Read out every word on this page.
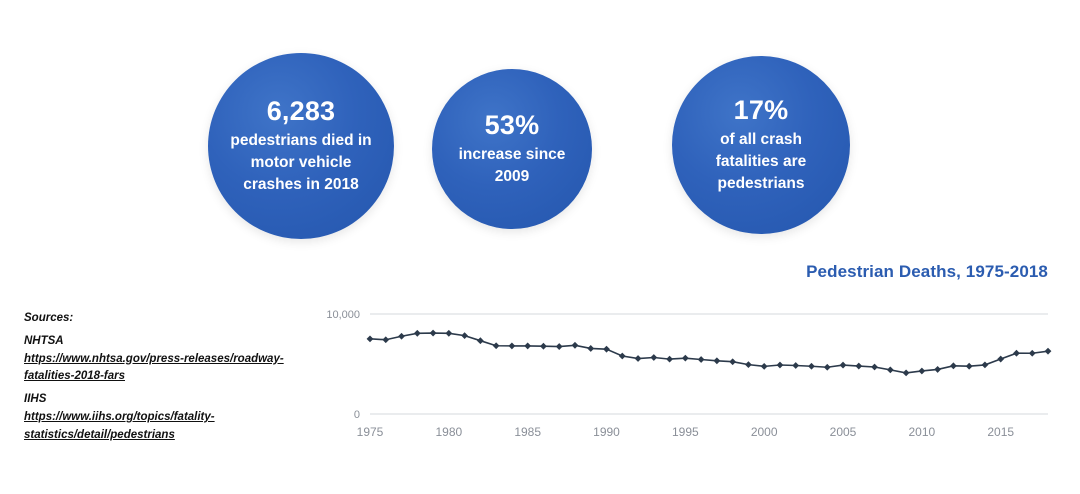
6,283
pedestrians died in motor vehicle crashes in 2018
53%
increase since 2009
17%
of all crash fatalities are pedestrians
Sources:
NHTSA
https://www.nhtsa.gov/press-releases/roadway-fatalities-2018-fars
IIHS
https://www.iihs.org/topics/fatality-statistics/detail/pedestrians
Pedestrian Deaths, 1975-2018
0
10,000
1975	1980	1985	1990	1995	2000	2005	2010	2015
